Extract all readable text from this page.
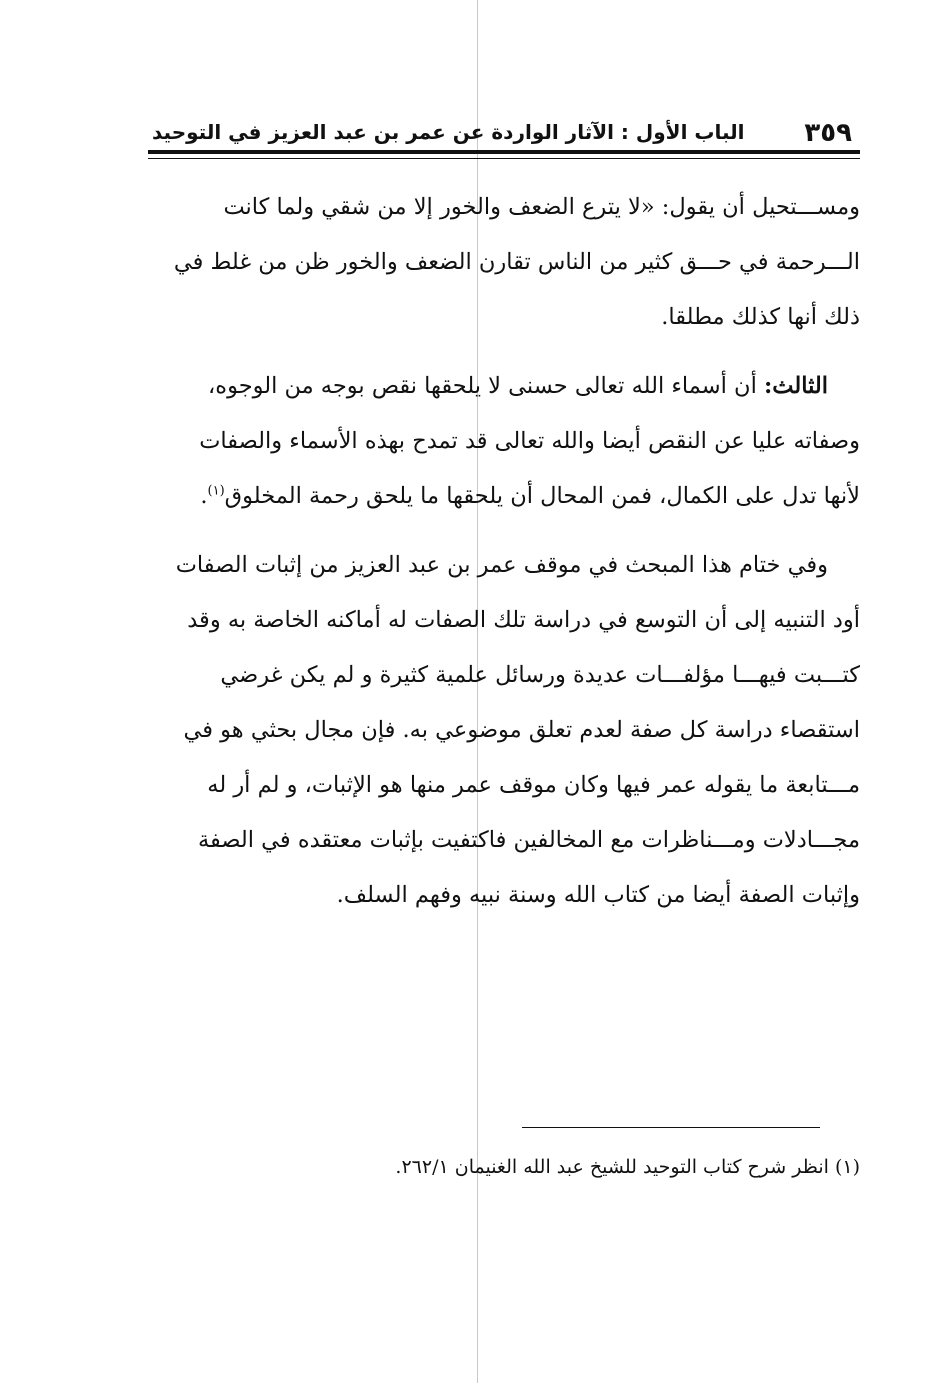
٣٥٩
الباب الأول : الآثار الواردة عن عمر بن عبد العزيز في التوحيد

ومســـتحيل أن يقول: «لا يترع الضعف والخور إلا من شقي ولما كانت
الـــرحمة في حـــق كثير من الناس تقارن الضعف والخور ظن من غلط في
ذلك أنها كذلك مطلقا.

الثالث: أن أسماء الله تعالى حسنى لا يلحقها نقص بوجه من الوجوه،
وصفاته عليا عن النقص أيضا والله تعالى قد تمدح بهذه الأسماء والصفات
لأنها تدل على الكمال، فمن المحال أن يلحقها ما يلحق رحمة المخلوق$^{(١)}$.

وفي ختام هذا المبحث في موقف عمر بن عبد العزيز من إثبات الصفات
أود التنبيه إلى أن التوسع في دراسة تلك الصفات له أماكنه الخاصة به وقد
كتـــبت فيهـــا مؤلفـــات عديدة ورسائل علمية كثيرة و لم يكن غرضي
استقصاء دراسة كل صفة لعدم تعلق موضوعي به. فإن مجال بحثي هو في
مـــتابعة ما يقوله عمر فيها وكان موقف عمر منها هو الإثبات، و لم أر له
مجـــادلات ومـــناظرات مع المخالفين فاكتفيت بإثبات معتقده في الصفة
وإثبات الصفة أيضا من كتاب الله وسنة نبيه وفهم السلف.

(١) انظر شرح كتاب التوحيد للشيخ عبد الله الغنيمان ٢٦٢/١.
